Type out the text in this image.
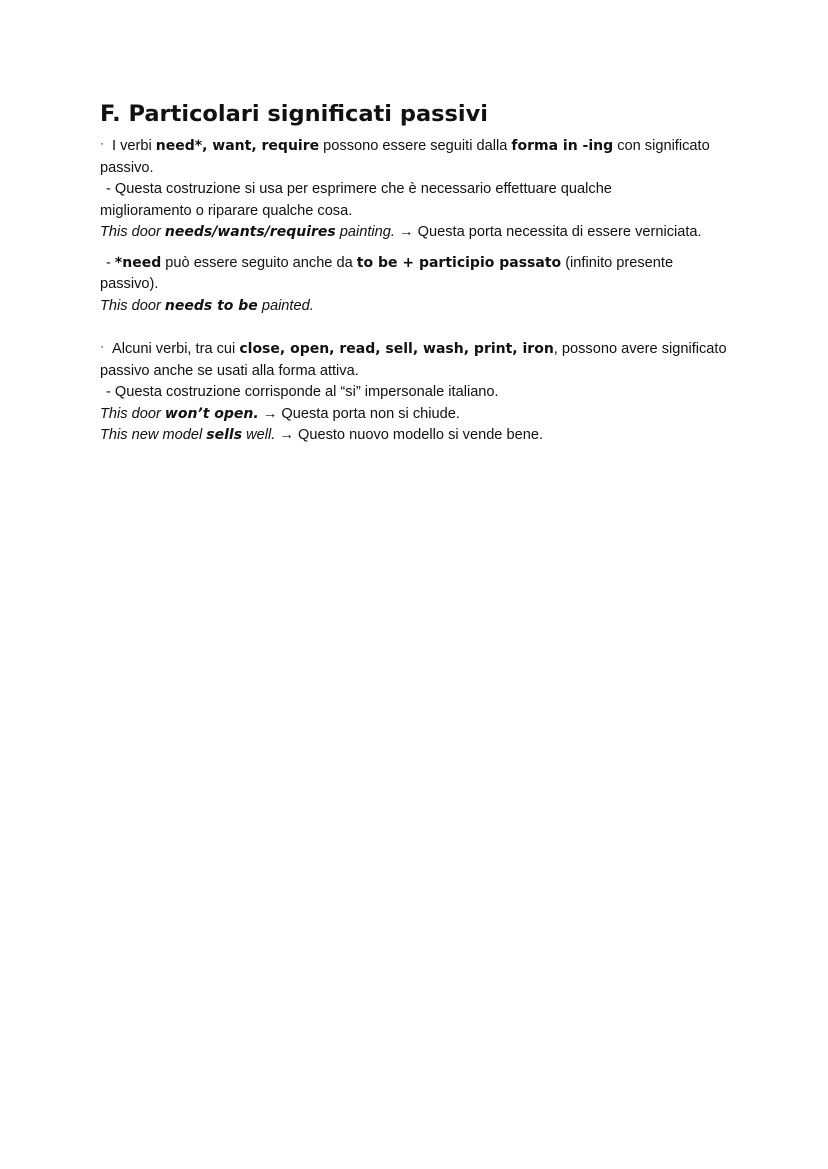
F. Particolari significati passivi
· I verbi need*, want, require possono essere seguiti dalla forma in -ing con significato
passivo.
- Questa costruzione si usa per esprimere che è necessario effettuare qualche
miglioramento o riparare qualche cosa.
This door needs/wants/requires painting. → Questa porta necessita di essere verniciata.
- *need può essere seguito anche da to be + participio passato (infinito presente
passivo).
This door needs to be painted.
· Alcuni verbi, tra cui close, open, read, sell, wash, print, iron, possono avere significato
passivo anche se usati alla forma attiva.
- Questa costruzione corrisponde al “si” impersonale italiano.
This door won’t open. → Questa porta non si chiude.
This new model sells well. → Questo nuovo modello si vende bene.
